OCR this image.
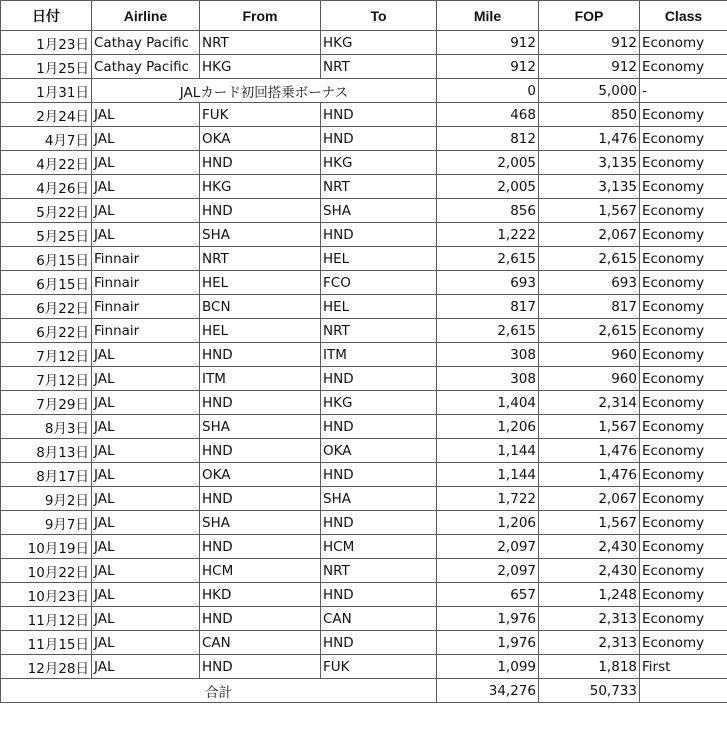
日付	Airline	From	To	Mile	FOP	Class
1月23日	Cathay Pacific	NRT	HKG	912	912	Economy
1月25日	Cathay Pacific	HKG	NRT	912	912	Economy
1月31日	JALカード初回搭乗ボーナス			0	5,000	-
2月24日	JAL	FUK	HND	468	850	Economy
4月7日	JAL	OKA	HND	812	1,476	Economy
4月22日	JAL	HND	HKG	2,005	3,135	Economy
4月26日	JAL	HKG	NRT	2,005	3,135	Economy
5月22日	JAL	HND	SHA	856	1,567	Economy
5月25日	JAL	SHA	HND	1,222	2,067	Economy
6月15日	Finnair	NRT	HEL	2,615	2,615	Economy
6月15日	Finnair	HEL	FCO	693	693	Economy
6月22日	Finnair	BCN	HEL	817	817	Economy
6月22日	Finnair	HEL	NRT	2,615	2,615	Economy
7月12日	JAL	HND	ITM	308	960	Economy
7月12日	JAL	ITM	HND	308	960	Economy
7月29日	JAL	HND	HKG	1,404	2,314	Economy
8月3日	JAL	SHA	HND	1,206	1,567	Economy
8月13日	JAL	HND	OKA	1,144	1,476	Economy
8月17日	JAL	OKA	HND	1,144	1,476	Economy
9月2日	JAL	HND	SHA	1,722	2,067	Economy
9月7日	JAL	SHA	HND	1,206	1,567	Economy
10月19日	JAL	HND	HCM	2,097	2,430	Economy
10月22日	JAL	HCM	NRT	2,097	2,430	Economy
10月23日	JAL	HKD	HND	657	1,248	Economy
11月12日	JAL	HND	CAN	1,976	2,313	Economy
11月15日	JAL	CAN	HND	1,976	2,313	Economy
12月28日	JAL	HND	FUK	1,099	1,818	First
合計				34,276	50,733	
